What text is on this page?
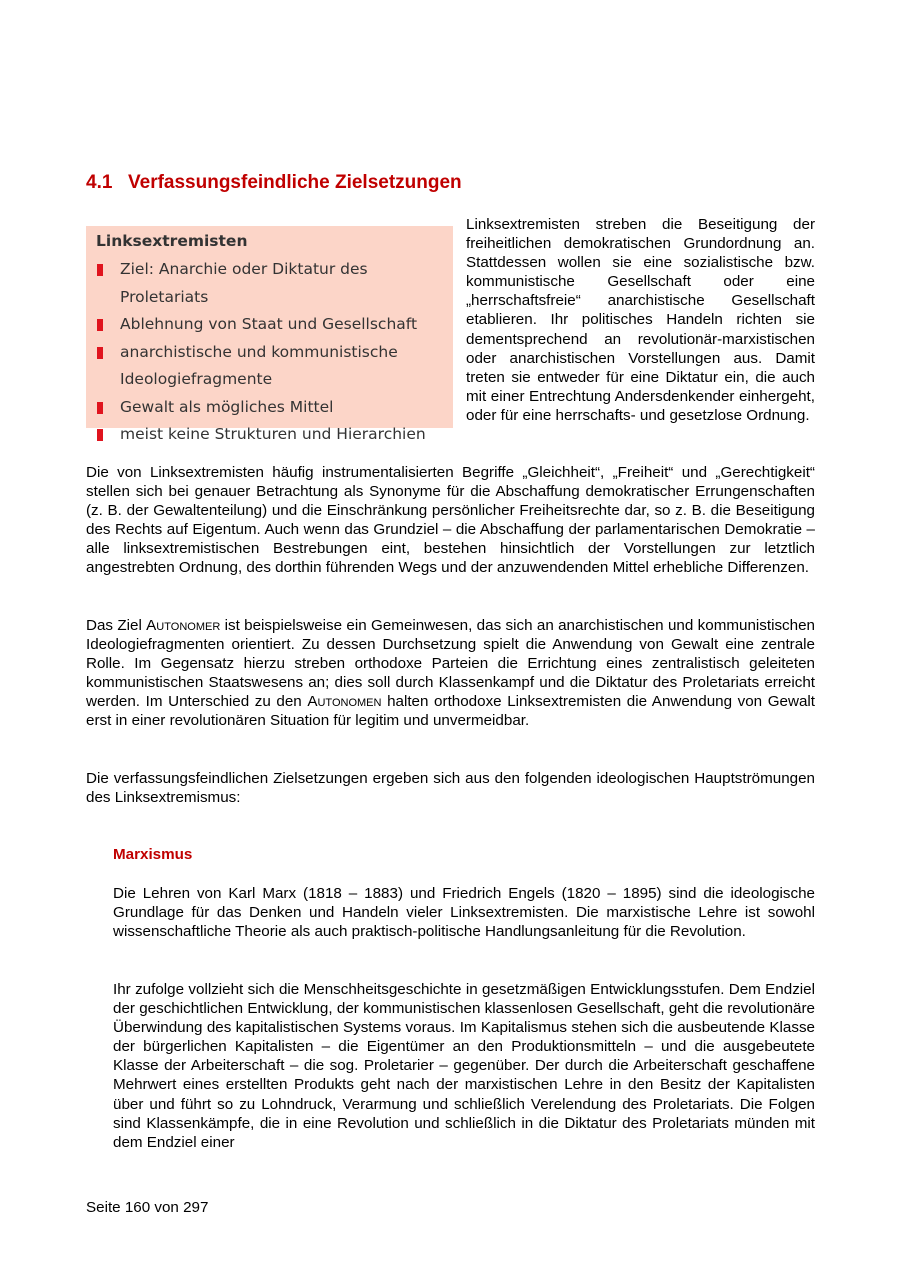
4.1 Verfassungsfeindliche Zielsetzungen

Linksextremisten

Ziel: Anarchie oder Diktatur des Proletariats
Ablehnung von Staat und Gesellschaft
anarchistische und kommunistische Ideologiefragmente
Gewalt als mögliches Mittel
meist keine Strukturen und Hierarchien

Linksextremisten streben die Beseitigung der freiheitlichen demokratischen Grundordnung an. Stattdessen wollen sie eine sozialistische bzw. kommunistische Gesellschaft oder eine „herrschaftsfreie“ anarchistische Gesellschaft etablieren. Ihr politisches Handeln richten sie dementsprechend an revolutionär-marxistischen oder anarchistischen Vorstellungen aus. Damit treten sie entweder für eine Diktatur ein, die auch mit einer Entrechtung Andersdenkender einhergeht, oder für eine herrschafts- und gesetzlose Ordnung.

Die von Linksextremisten häufig instrumentalisierten Begriffe „Gleichheit“, „Freiheit“ und „Gerechtigkeit“ stellen sich bei genauer Betrachtung als Synonyme für die Abschaffung demokratischer Errungenschaften (z. B. der Gewaltenteilung) und die Einschränkung persönlicher Freiheitsrechte dar, so z. B. die Beseitigung des Rechts auf Eigentum. Auch wenn das Grundziel – die Abschaffung der parlamentarischen Demokratie – alle linksextremistischen Bestrebungen eint, bestehen hinsichtlich der Vorstellungen zur letztlich angestrebten Ordnung, des dorthin führenden Wegs und der anzuwendenden Mittel erhebliche Differenzen.

Das Ziel Autonomer ist beispielsweise ein Gemeinwesen, das sich an anarchistischen und kommunistischen Ideologiefragmenten orientiert. Zu dessen Durchsetzung spielt die Anwendung von Gewalt eine zentrale Rolle. Im Gegensatz hierzu streben orthodoxe Parteien die Errichtung eines zentralistisch geleiteten kommunistischen Staatswesens an; dies soll durch Klassenkampf und die Diktatur des Proletariats erreicht werden. Im Unterschied zu den Autonomen halten orthodoxe Linksextremisten die Anwendung von Gewalt erst in einer revolutionären Situation für legitim und unvermeidbar.

Die verfassungsfeindlichen Zielsetzungen ergeben sich aus den folgenden ideologischen Hauptströmungen des Linksextremismus:

Marxismus

Die Lehren von Karl Marx (1818 – 1883) und Friedrich Engels (1820 – 1895) sind die ideologische Grundlage für das Denken und Handeln vieler Linksextremisten. Die marxistische Lehre ist sowohl wissenschaftliche Theorie als auch praktisch-politische Handlungsanleitung für die Revolution.

Ihr zufolge vollzieht sich die Menschheitsgeschichte in gesetzmäßigen Entwicklungsstufen. Dem Endziel der geschichtlichen Entwicklung, der kommunistischen klassenlosen Gesellschaft, geht die revolutionäre Überwindung des kapitalistischen Systems voraus. Im Kapitalismus stehen sich die ausbeutende Klasse der bürgerlichen Kapitalisten – die Eigentümer an den Produktionsmitteln – und die ausgebeutete Klasse der Arbeiterschaft – die sog. Proletarier – gegenüber. Der durch die Arbeiterschaft geschaffene Mehrwert eines erstellten Produkts geht nach der marxistischen Lehre in den Besitz der Kapitalisten über und führt so zu Lohndruck, Verarmung und schließlich Verelendung des Proletariats. Die Folgen sind Klassenkämpfe, die in eine Revolution und schließlich in die Diktatur des Proletariats münden mit dem Endziel einer

Seite 160 von 297
